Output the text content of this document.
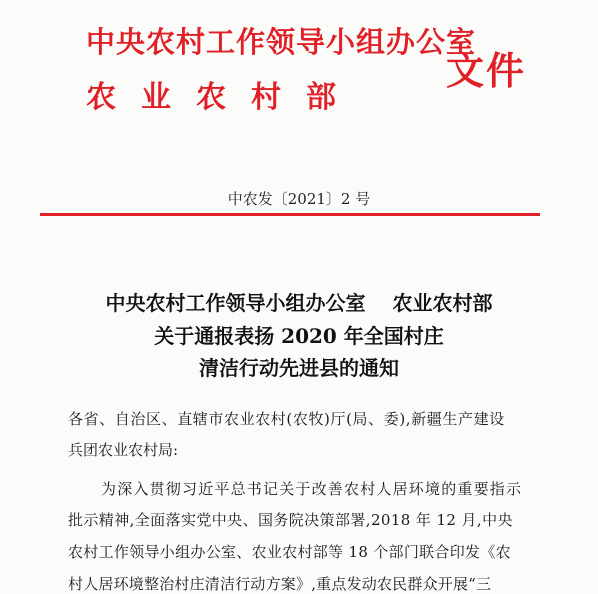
中央农村工作领导小组办公室
农业农村部
文件
中农发〔2021〕2 号
中央农村工作领导小组办公室　 农业农村部
关于通报表扬 2020 年全国村庄
清洁行动先进县的通知
各省、自治区、直辖市农业农村(农牧)厅(局、委),新疆生产建设
兵团农业农村局:
为深入贯彻习近平总书记关于改善农村人居环境的重要指示
批示精神,全面落实党中央、国务院决策部署,2018 年 12 月,中央
农村工作领导小组办公室、农业农村部等 18 个部门联合印发《农
村人居环境整治村庄清洁行动方案》,重点发动农民群众开展“三
